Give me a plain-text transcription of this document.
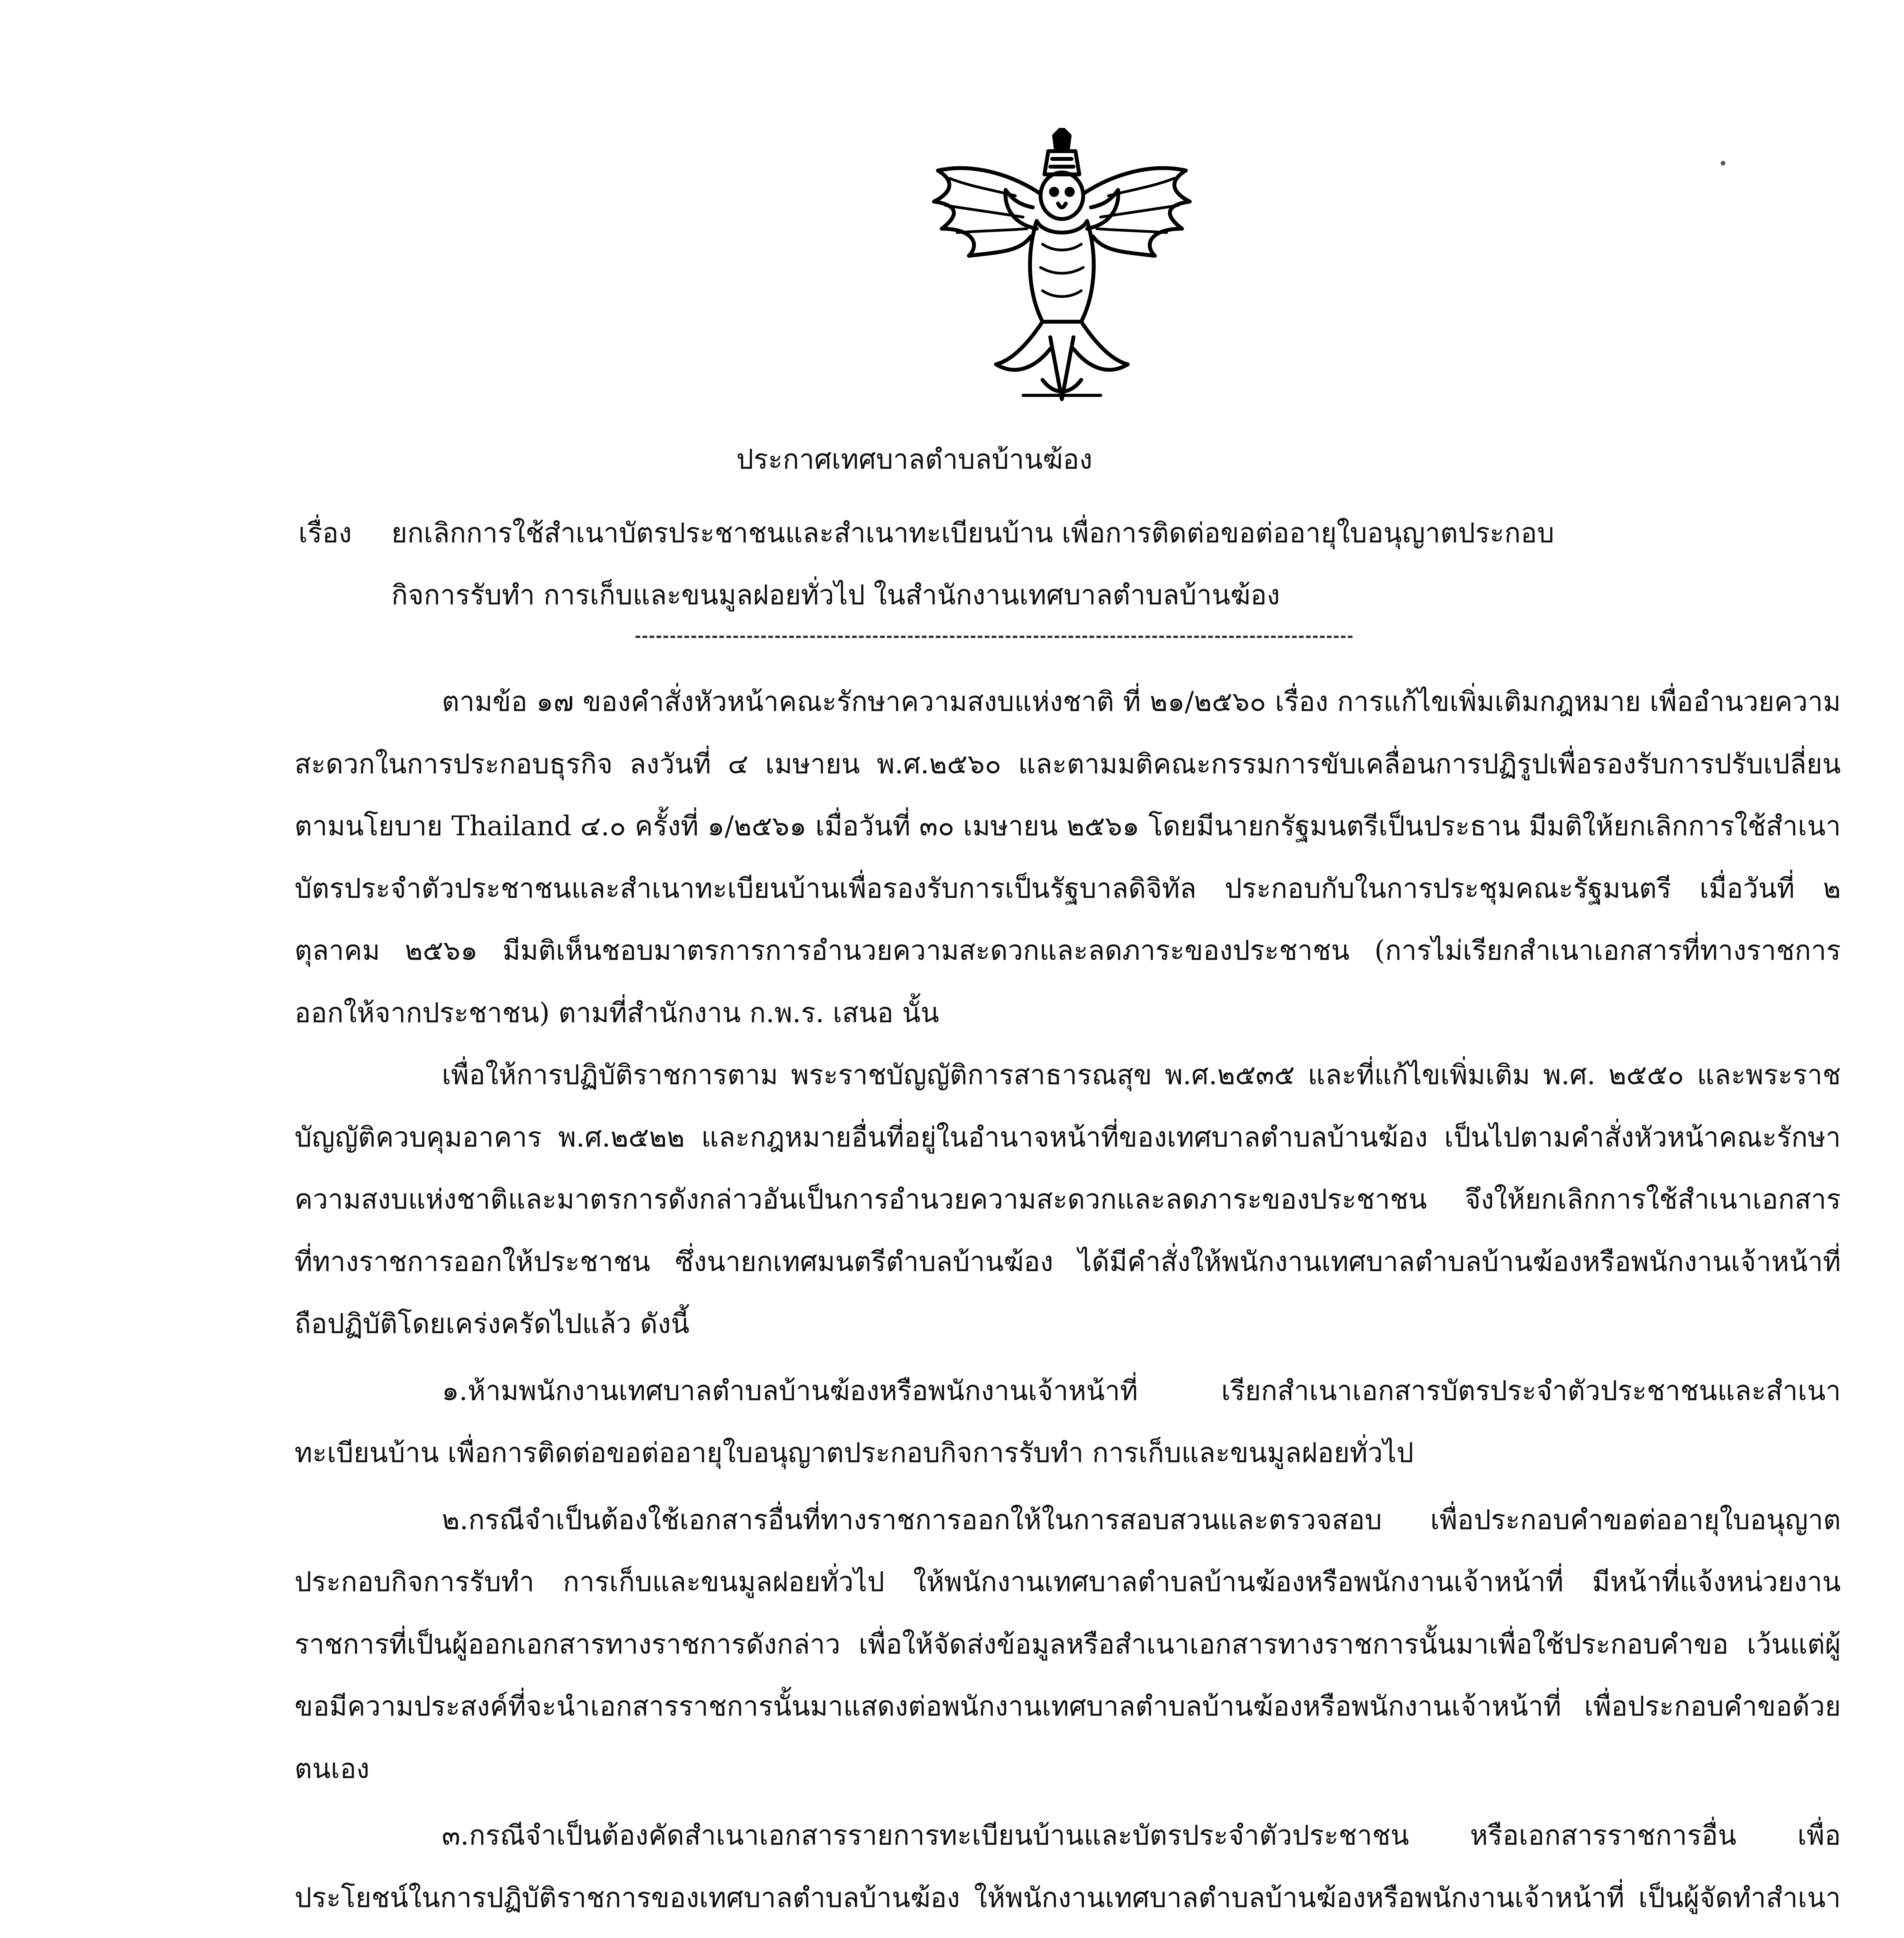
ประกาศเทศบาลตำบลบ้านฆ้อง
เรื่อง ยกเลิกการใช้สำเนาบัตรประชาชนและสำเนาทะเบียนบ้าน เพื่อการติดต่อขอต่ออายุใบอนุญาตประกอบ
กิจการรับทำ การเก็บและขนมูลฝอยทั่วไป ในสำนักงานเทศบาลตำบลบ้านฆ้อง

ตามข้อ ๑๗ ของคำสั่งหัวหน้าคณะรักษาความสงบแห่งชาติ ที่ ๒๑/๒๕๖๐ เรื่อง การแก้ไขเพิ่มเติมกฎหมาย เพื่ออำนวยความสะดวกในการประกอบธุรกิจ ลงวันที่ ๔ เมษายน พ.ศ.๒๕๖๐ และตามมติคณะกรรมการขับเคลื่อนการปฏิรูปเพื่อรองรับการปรับเปลี่ยนตามนโยบาย Thailand ๔.๐ ครั้งที่ ๑/๒๕๖๑ เมื่อวันที่ ๓๐ เมษายน ๒๕๖๑ โดยมีนายกรัฐมนตรีเป็นประธาน มีมติให้ยกเลิกการใช้สำเนาบัตรประจำตัวประชาชนและสำเนาทะเบียนบ้านเพื่อรองรับการเป็นรัฐบาลดิจิทัล ประกอบกับในการประชุมคณะรัฐมนตรี เมื่อวันที่ ๒ ตุลาคม ๒๕๖๑ มีมติเห็นชอบมาตรการการอำนวยความสะดวกและลดภาระของประชาชน (การไม่เรียกสำเนาเอกสารที่ทางราชการออกให้จากประชาชน) ตามที่สำนักงาน ก.พ.ร. เสนอ นั้น

เพื่อให้การปฏิบัติราชการตาม พระราชบัญญัติการสาธารณสุข พ.ศ.๒๕๓๕ และที่แก้ไขเพิ่มเติม พ.ศ. ๒๕๕๐ และพระราชบัญญัติควบคุมอาคาร พ.ศ.๒๕๒๒ และกฎหมายอื่นที่อยู่ในอำนาจหน้าที่ของเทศบาลตำบลบ้านฆ้อง เป็นไปตามคำสั่งหัวหน้าคณะรักษาความสงบแห่งชาติและมาตรการดังกล่าวอันเป็นการอำนวยความสะดวกและลดภาระของประชาชน จึงให้ยกเลิกการใช้สำเนาเอกสารที่ทางราชการออกให้ประชาชน ซึ่งนายกเทศมนตรีตำบลบ้านฆ้อง ได้มีคำสั่งให้พนักงานเทศบาลตำบลบ้านฆ้องหรือพนักงานเจ้าหน้าที่ ถือปฏิบัติโดยเคร่งครัดไปแล้ว ดังนี้

๑.ห้ามพนักงานเทศบาลตำบลบ้านฆ้องหรือพนักงานเจ้าหน้าที่ เรียกสำเนาเอกสารบัตรประจำตัวประชาชนและสำเนาทะเบียนบ้าน เพื่อการติดต่อขอต่ออายุใบอนุญาตประกอบกิจการรับทำ การเก็บและขนมูลฝอยทั่วไป

๒.กรณีจำเป็นต้องใช้เอกสารอื่นที่ทางราชการออกให้ในการสอบสวนและตรวจสอบ เพื่อประกอบคำขอต่ออายุใบอนุญาตประกอบกิจการรับทำ การเก็บและขนมูลฝอยทั่วไป ให้พนักงานเทศบาลตำบลบ้านฆ้องหรือพนักงานเจ้าหน้าที่ มีหน้าที่แจ้งหน่วยงานราชการที่เป็นผู้ออกเอกสารทางราชการดังกล่าว เพื่อให้จัดส่งข้อมูลหรือสำเนาเอกสารทางราชการนั้นมาเพื่อใช้ประกอบคำขอ เว้นแต่ผู้ขอมีความประสงค์ที่จะนำเอกสารราชการนั้นมาแสดงต่อพนักงานเทศบาลตำบลบ้านฆ้องหรือพนักงานเจ้าหน้าที่ เพื่อประกอบคำขอด้วยตนเอง

๓.กรณีจำเป็นต้องคัดสำเนาเอกสารรายการทะเบียนบ้านและบัตรประจำตัวประชาชน หรือเอกสารราชการอื่น เพื่อประโยชน์ในการปฏิบัติราชการของเทศบาลตำบลบ้านฆ้อง ให้พนักงานเทศบาลตำบลบ้านฆ้องหรือพนักงานเจ้าหน้าที่ เป็นผู้จัดทำสำเนา
